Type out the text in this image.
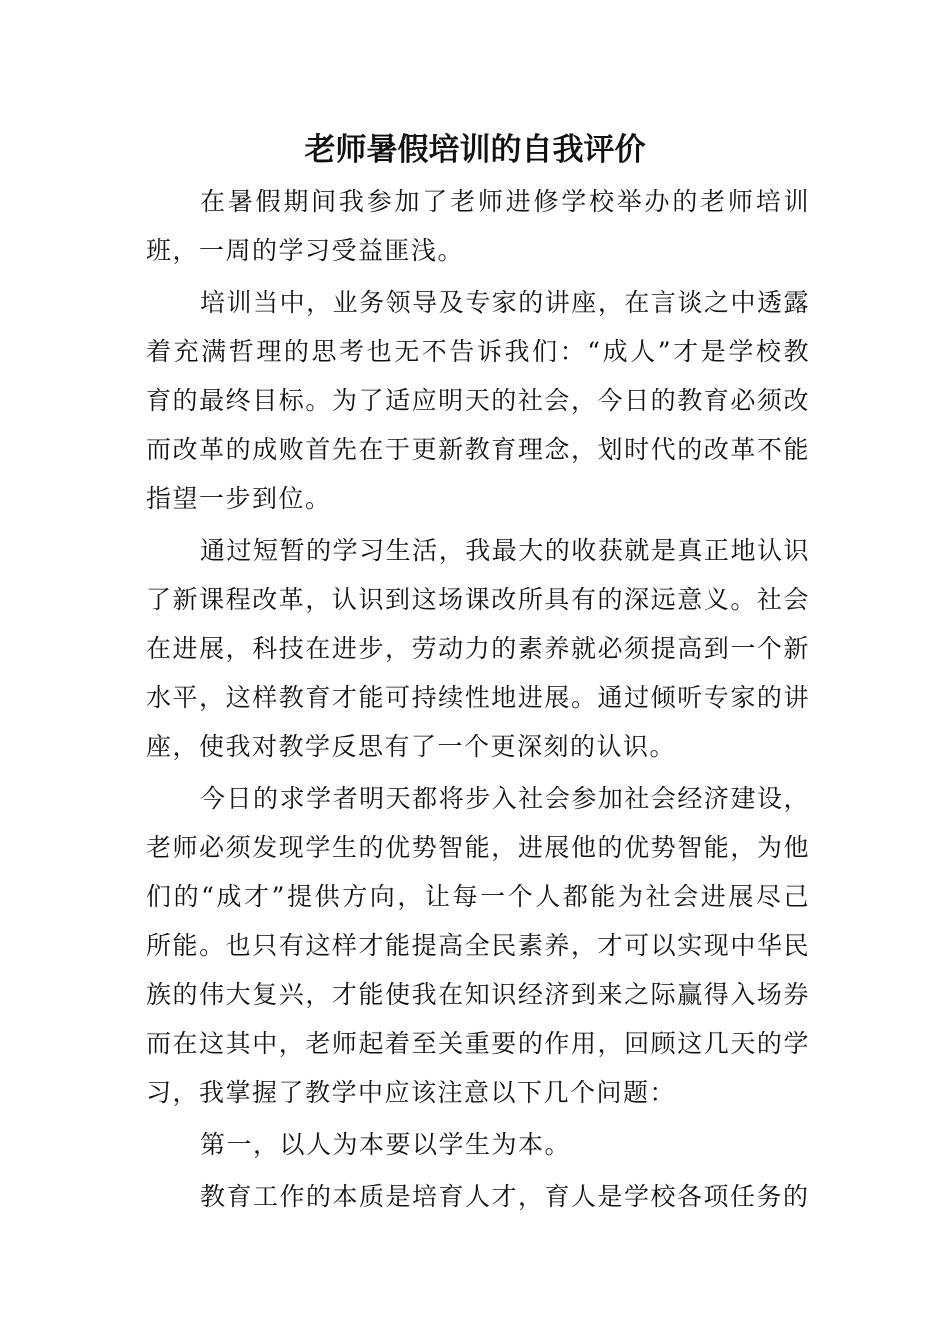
老师暑假培训的自我评价

在暑假期间我参加了老师进修学校举办的老师培训班，一周的学习受益匪浅。

培训当中，业务领导及专家的讲座，在言谈之中透露着充满哲理的思考也无不告诉我们：“成人”才是学校教育的最终目标。为了适应明天的社会，今日的教育必须改而改革的成败首先在于更新教育理念，划时代的改革不能指望一步到位。

通过短暂的学习生活，我最大的收获就是真正地认识了新课程改革，认识到这场课改所具有的深远意义。社会在进展，科技在进步，劳动力的素养就必须提高到一个新水平，这样教育才能可持续性地进展。通过倾听专家的讲座，使我对教学反思有了一个更深刻的认识。

今日的求学者明天都将步入社会参加社会经济建设，老师必须发现学生的优势智能，进展他的优势智能，为他们的“成才”提供方向，让每一个人都能为社会进展尽己所能。也只有这样才能提高全民素养，才可以实现中华民族的伟大复兴，才能使我在知识经济到来之际赢得入场券而在这其中，老师起着至关重要的作用，回顾这几天的学习，我掌握了教学中应该注意以下几个问题：

第一，以人为本要以学生为本。

教育工作的本质是培育人才，育人是学校各项任务的
